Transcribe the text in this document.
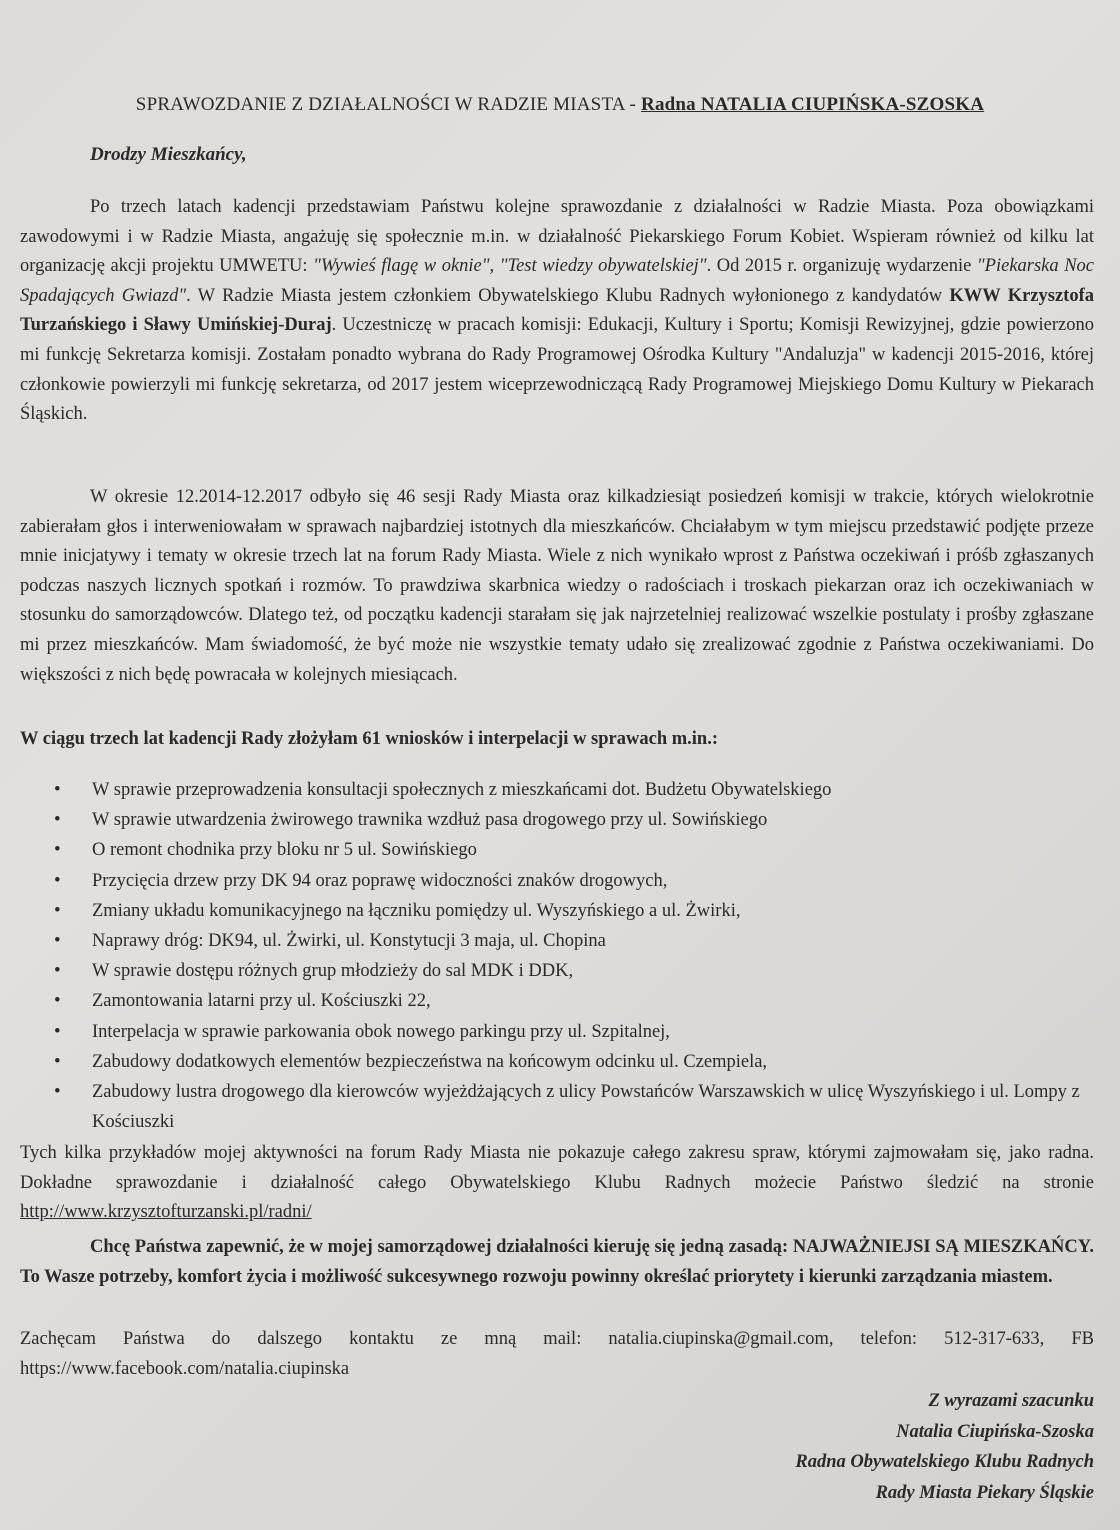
SPRAWOZDANIE Z DZIAŁALNOŚCI W RADZIE MIASTA - Radna NATALIA CIUPIŃSKA-SZOSKA
Drodzy Mieszkańcy,
Po trzech latach kadencji przedstawiam Państwu kolejne sprawozdanie z działalności w Radzie Miasta. Poza obowiązkami zawodowymi i w Radzie Miasta, angażuję się społecznie m.in. w działalność Piekarskiego Forum Kobiet. Wspieram również od kilku lat organizację akcji projektu UMWETU: "Wywieś flagę w oknie", "Test wiedzy obywatelskiej". Od 2015 r. organizuję wydarzenie "Piekarska Noc Spadających Gwiazd". W Radzie Miasta jestem członkiem Obywatelskiego Klubu Radnych wyłonionego z kandydatów KWW Krzysztofa Turzańskiego i Sławy Umińskiej-Duraj. Uczestniczę w pracach komisji: Edukacji, Kultury i Sportu; Komisji Rewizyjnej, gdzie powierzono mi funkcję Sekretarza komisji. Zostałam ponadto wybrana do Rady Programowej Ośrodka Kultury "Andaluzja" w kadencji 2015-2016, której członkowie powierzyli mi funkcję sekretarza, od 2017 jestem wiceprzewodniczącą Rady Programowej Miejskiego Domu Kultury w Piekarach Śląskich.
W okresie 12.2014-12.2017 odbyło się 46 sesji Rady Miasta oraz kilkadziesiąt posiedzeń komisji w trakcie, których wielokrotnie zabierałam głos i interweniowałam w sprawach najbardziej istotnych dla mieszkańców. Chciałabym w tym miejscu przedstawić podjęte przeze mnie inicjatywy i tematy w okresie trzech lat na forum Rady Miasta. Wiele z nich wynikało wprost z Państwa oczekiwań i próśb zgłaszanych podczas naszych licznych spotkań i rozmów. To prawdziwa skarbnica wiedzy o radościach i troskach piekarzan oraz ich oczekiwaniach w stosunku do samorządowców. Dlatego też, od początku kadencji starałam się jak najrzetelniej realizować wszelkie postulaty i prośby zgłaszane mi przez mieszkańców. Mam świadomość, że być może nie wszystkie tematy udało się zrealizować zgodnie z Państwa oczekiwaniami. Do większości z nich będę powracała w kolejnych miesiącach.
W ciągu trzech lat kadencji Rady złożyłam 61 wniosków i interpelacji w sprawach m.in.:
• W sprawie przeprowadzenia konsultacji społecznych z mieszkańcami dot. Budżetu Obywatelskiego
• W sprawie utwardzenia żwirowego trawnika wzdłuż pasa drogowego przy ul. Sowińskiego
• O remont chodnika przy bloku nr 5 ul. Sowińskiego
• Przycięcia drzew przy DK 94 oraz poprawę widoczności znaków drogowych,
• Zmiany układu komunikacyjnego na łączniku pomiędzy ul. Wyszyńskiego a ul. Żwirki,
• Naprawy dróg: DK94, ul. Żwirki, ul. Konstytucji 3 maja, ul. Chopina
• W sprawie dostępu różnych grup młodzieży do sal MDK i DDK,
• Zamontowania latarni przy ul. Kościuszki 22,
• Interpelacja w sprawie parkowania obok nowego parkingu przy ul. Szpitalnej,
• Zabudowy dodatkowych elementów bezpieczeństwa na końcowym odcinku ul. Czempiela,
• Zabudowy lustra drogowego dla kierowców wyjeżdżających z ulicy Powstańców Warszawskich w ulicę Wyszyńskiego i ul. Lompy z Kościuszki
Tych kilka przykładów mojej aktywności na forum Rady Miasta nie pokazuje całego zakresu spraw, którymi zajmowałam się, jako radna. Dokładne sprawozdanie i działalność całego Obywatelskiego Klubu Radnych możecie Państwo śledzić na stronie http://www.krzysztofturzanski.pl/radni/
Chcę Państwa zapewnić, że w mojej samorządowej działalności kieruję się jedną zasadą: NAJWAŻNIEJSI SĄ MIESZKAŃCY. To Wasze potrzeby, komfort życia i możliwość sukcesywnego rozwoju powinny określać priorytety i kierunki zarządzania miastem.
Zachęcam Państwa do dalszego kontaktu ze mną mail: natalia.ciupinska@gmail.com, telefon: 512-317-633, FB https://www.facebook.com/natalia.ciupinska
Z wyrazami szacunku
Natalia Ciupińska-Szoska
Radna Obywatelskiego Klubu Radnych
Rady Miasta Piekary Śląskie
